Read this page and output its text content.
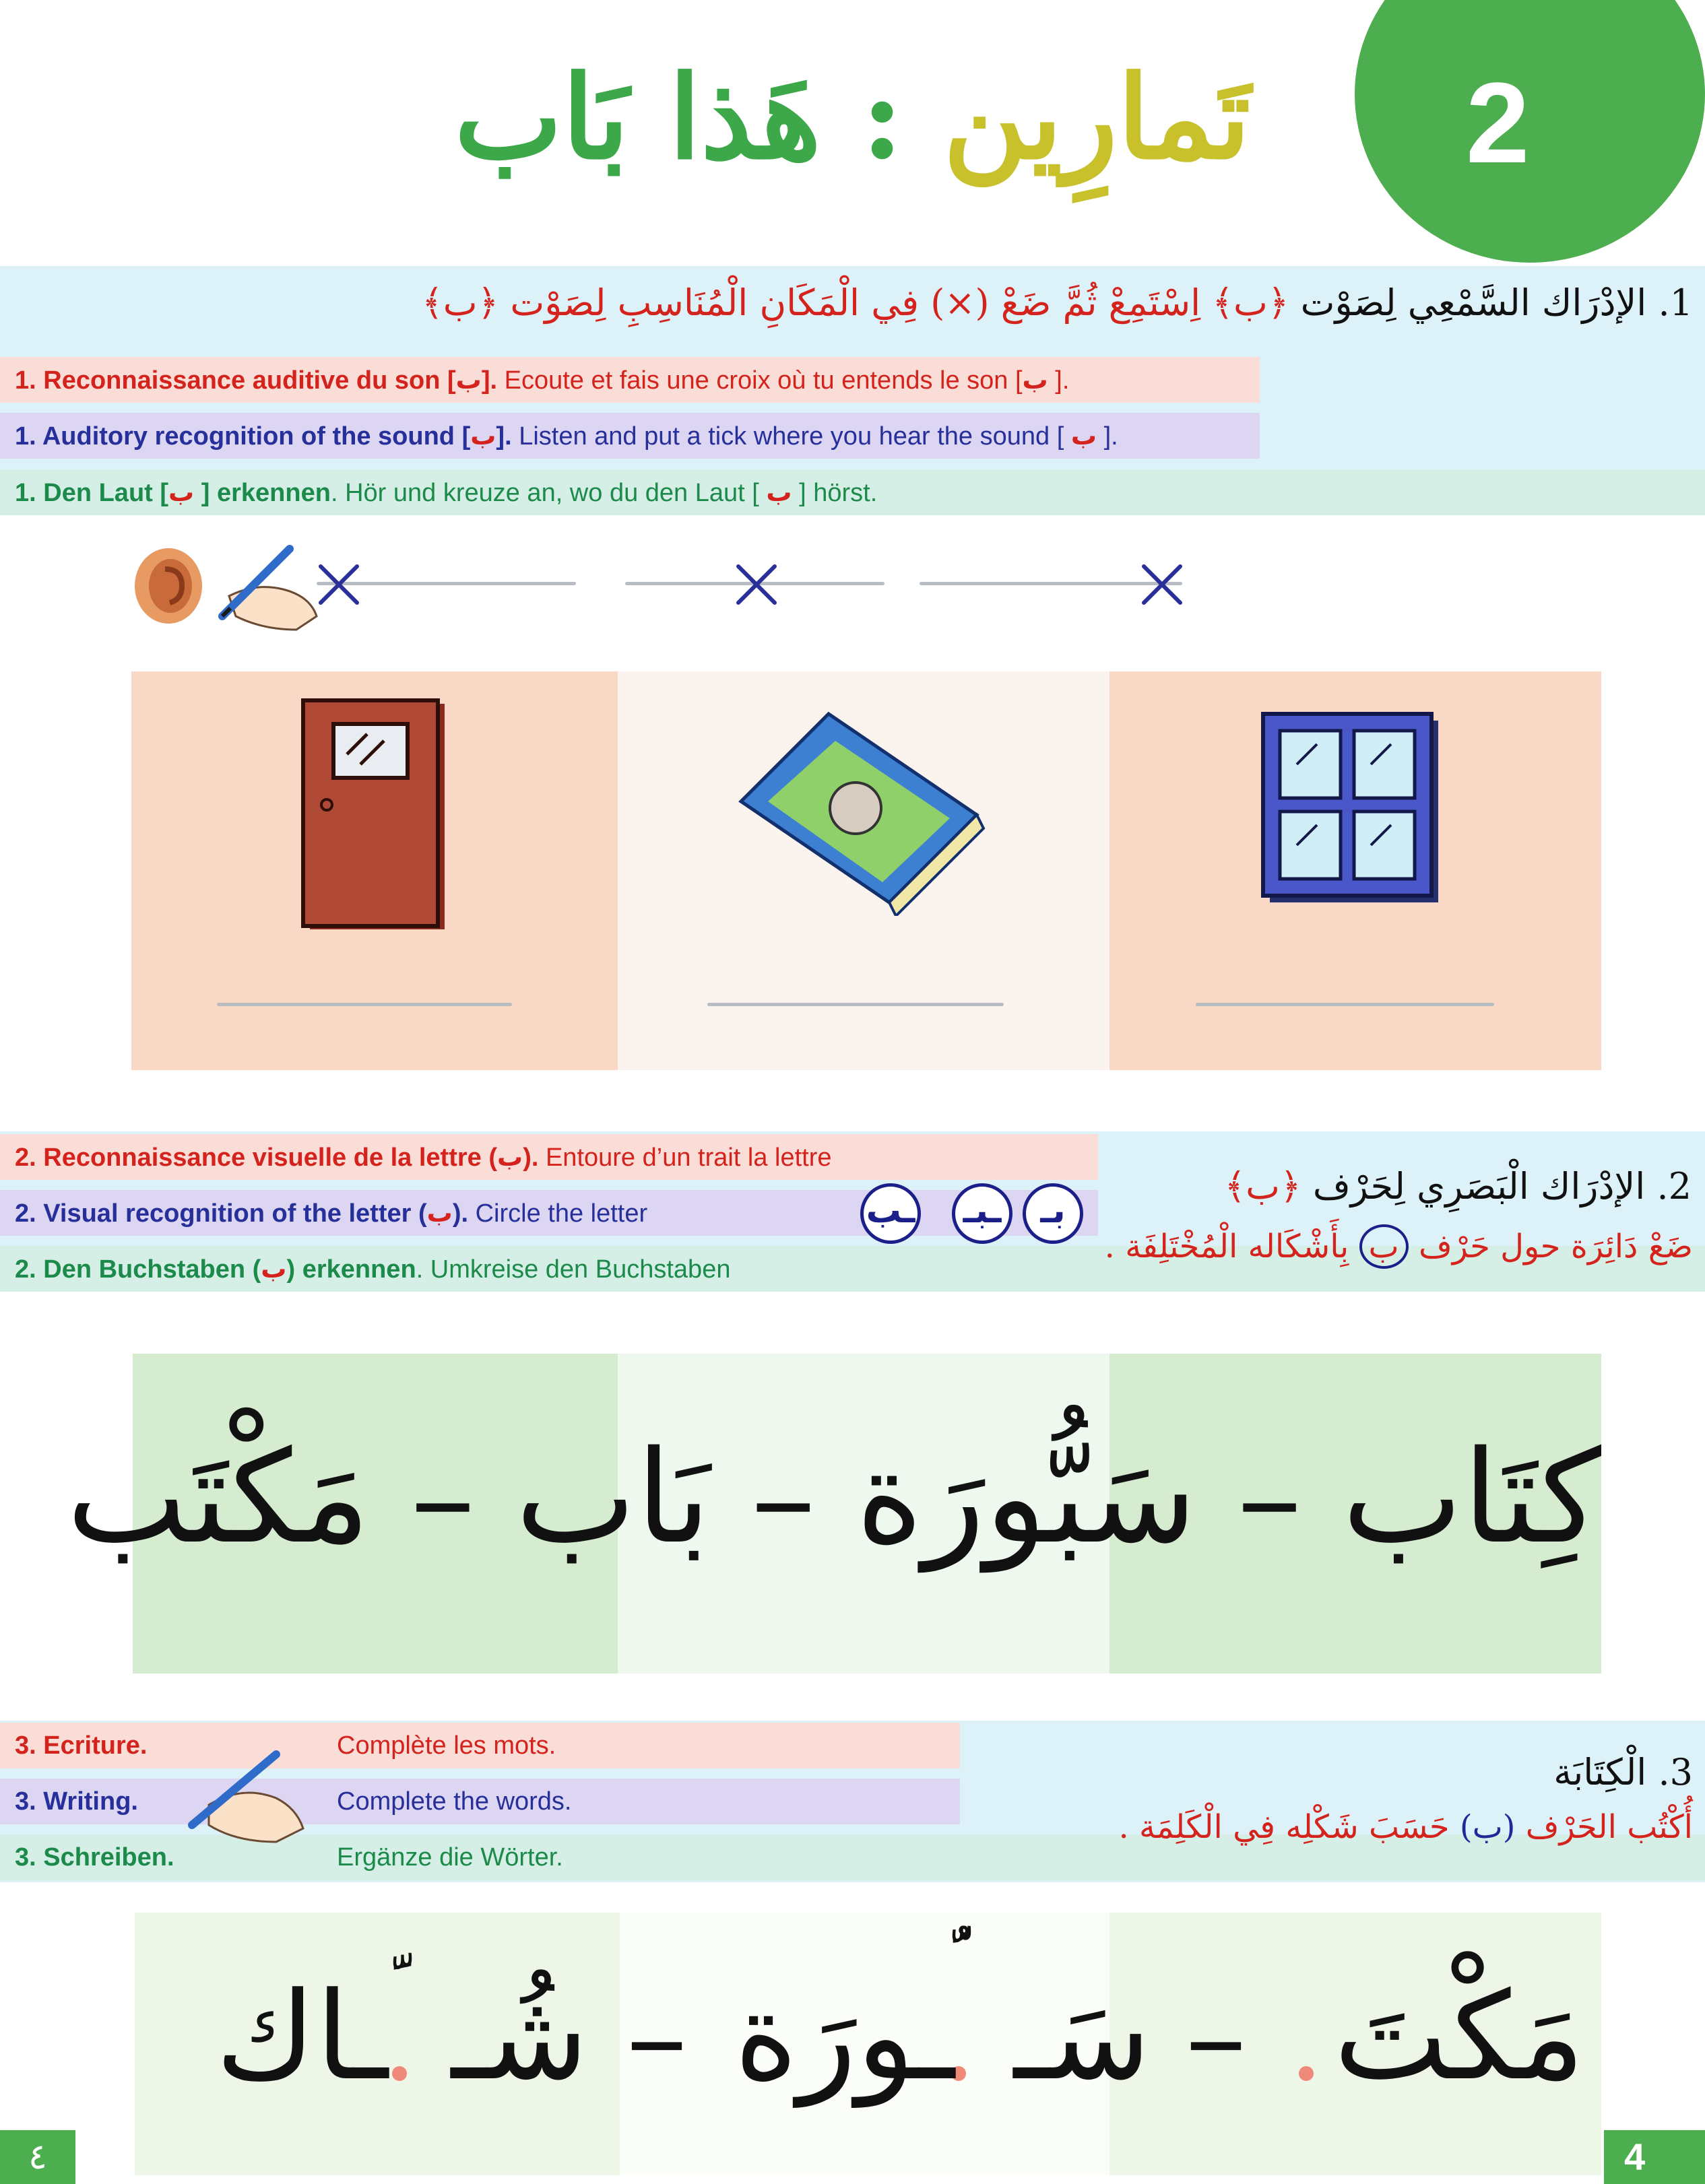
2
تَمارِين : هَذا بَاب
1. الإدْرَاك السَّمْعِي لِصَوْت ﴿ب﴾ اِسْتَمِعْ ثُمَّ ضَعْ (×) فِي الْمَكَانِ الْمُنَاسِبِ لِصَوْت ﴿ب﴾
1. Reconnaissance auditive du son [ب]. Ecoute et fais une croix où tu entends le son [ب ].
1. Auditory recognition of the sound [ب]. Listen and put a tick where you hear the sound [ ب ].
1. Den Laut [ب ] erkennen. Hör und kreuze an, wo du den Laut [ ب ] hörst.
2. Reconnaissance visuelle de la lettre (ب). Entoure d’un trait la lettre
2. Visual recognition of the letter (ب). Circle the letter
2. Den Buchstaben (ب) erkennen. Umkreise den Buchstaben
ـب	ـبـ	بـ
2. الإدْرَاك الْبَصَرِي لِحَرْف ﴿ب﴾
ضَعْ دَائِرَة حول حَرْف ب بِأَشْكَاله الْمُخْتَلِفَة .
كِتَاب – سَبُّورَة – بَاب – مَكْتَب
3. Ecriture.	Complète les mots.
3. Writing.	Complete the words.
3. Schreiben.	Ergänze die Wörter.
3. الْكِتَابَة
أُكْتُب الحَرْف (ب) حَسَبَ شَكْلِه فِي الْكَلِمَة .
مَكْتَ
–
سَـ
ـورَة
–
شُـ
ـاك
٤	4
